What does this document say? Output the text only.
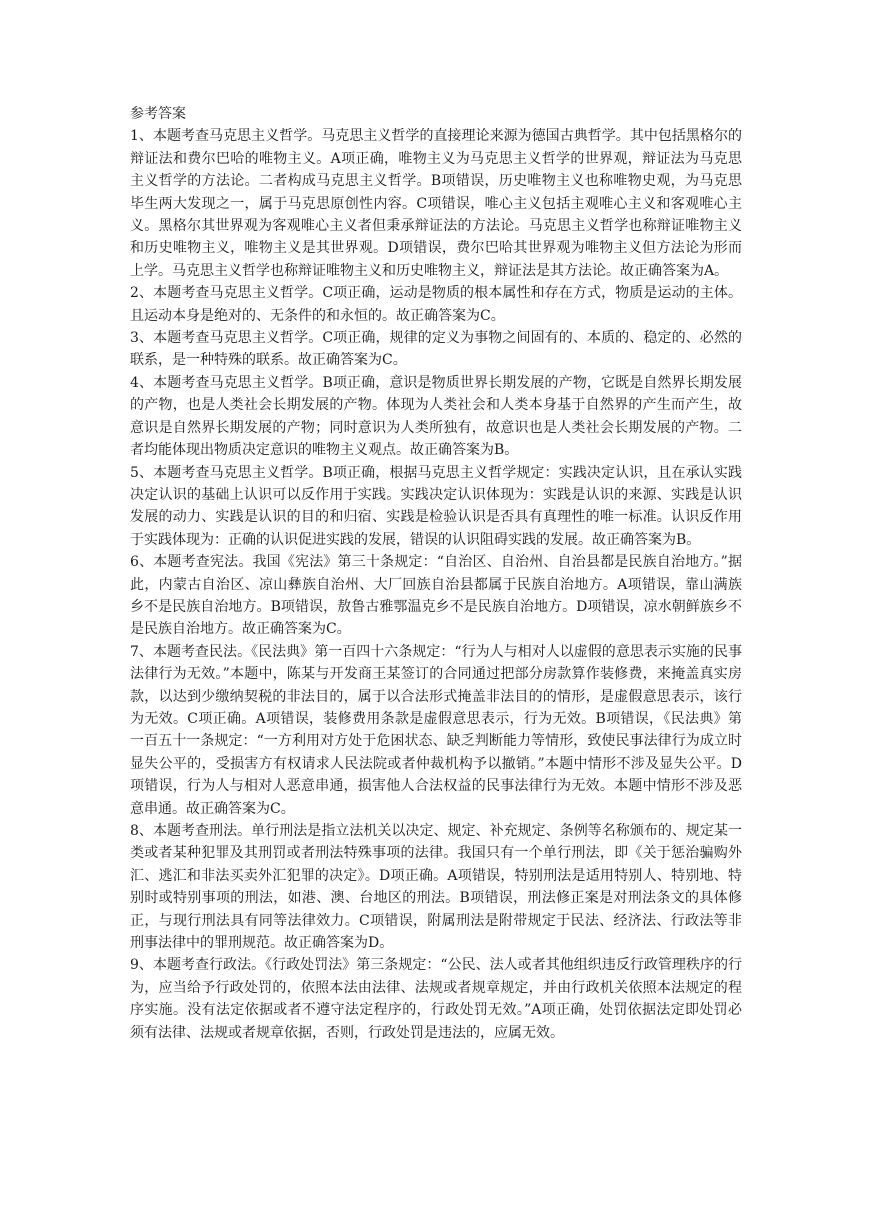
参考答案

1、本题考查马克思主义哲学。马克思主义哲学的直接理论来源为德国古典哲学。其中包括黑格尔的辩证法和费尔巴哈的唯物主义。A项正确，唯物主义为马克思主义哲学的世界观，辩证法为马克思主义哲学的方法论。二者构成马克思主义哲学。B项错误，历史唯物主义也称唯物史观，为马克思毕生两大发现之一，属于马克思原创性内容。C项错误，唯心主义包括主观唯心主义和客观唯心主义。黑格尔其世界观为客观唯心主义者但秉承辩证法的方法论。马克思主义哲学也称辩证唯物主义和历史唯物主义，唯物主义是其世界观。D项错误，费尔巴哈其世界观为唯物主义但方法论为形而上学。马克思主义哲学也称辩证唯物主义和历史唯物主义，辩证法是其方法论。故正确答案为A。

2、本题考查马克思主义哲学。C项正确，运动是物质的根本属性和存在方式，物质是运动的主体。且运动本身是绝对的、无条件的和永恒的。故正确答案为C。

3、本题考查马克思主义哲学。C项正确，规律的定义为事物之间固有的、本质的、稳定的、必然的联系，是一种特殊的联系。故正确答案为C。

4、本题考查马克思主义哲学。B项正确，意识是物质世界长期发展的产物，它既是自然界长期发展的产物，也是人类社会长期发展的产物。体现为人类社会和人类本身基于自然界的产生而产生，故意识是自然界长期发展的产物；同时意识为人类所独有，故意识也是人类社会长期发展的产物。二者均能体现出物质决定意识的唯物主义观点。故正确答案为B。

5、本题考查马克思主义哲学。B项正确，根据马克思主义哲学规定：实践决定认识，且在承认实践决定认识的基础上认识可以反作用于实践。实践决定认识体现为：实践是认识的来源、实践是认识发展的动力、实践是认识的目的和归宿、实践是检验认识是否具有真理性的唯一标准。认识反作用于实践体现为：正确的认识促进实践的发展，错误的认识阻碍实践的发展。故正确答案为B。

6、本题考查宪法。我国《宪法》第三十条规定：“自治区、自治州、自治县都是民族自治地方。”据此，内蒙古自治区、凉山彝族自治州、大厂回族自治县都属于民族自治地方。A项错误，靠山满族乡不是民族自治地方。B项错误，敖鲁古雅鄂温克乡不是民族自治地方。D项错误，凉水朝鲜族乡不是民族自治地方。故正确答案为C。

7、本题考查民法。《民法典》第一百四十六条规定：“行为人与相对人以虚假的意思表示实施的民事法律行为无效。”本题中，陈某与开发商王某签订的合同通过把部分房款算作装修费，来掩盖真实房款，以达到少缴纳契税的非法目的，属于以合法形式掩盖非法目的的情形，是虚假意思表示，该行为无效。C项正确。A项错误，装修费用条款是虚假意思表示，行为无效。B项错误，《民法典》第一百五十一条规定：“一方利用对方处于危困状态、缺乏判断能力等情形，致使民事法律行为成立时显失公平的，受损害方有权请求人民法院或者仲裁机构予以撤销。”本题中情形不涉及显失公平。D项错误，行为人与相对人恶意串通，损害他人合法权益的民事法律行为无效。本题中情形不涉及恶意串通。故正确答案为C。

8、本题考查刑法。单行刑法是指立法机关以决定、规定、补充规定、条例等名称颁布的、规定某一类或者某种犯罪及其刑罚或者刑法特殊事项的法律。我国只有一个单行刑法，即《关于惩治骗购外汇、逃汇和非法买卖外汇犯罪的决定》。D项正确。A项错误，特别刑法是适用特别人、特别地、特别时或特别事项的刑法，如港、澳、台地区的刑法。B项错误，刑法修正案是对刑法条文的具体修正，与现行刑法具有同等法律效力。C项错误，附属刑法是附带规定于民法、经济法、行政法等非刑事法律中的罪刑规范。故正确答案为D。

9、本题考查行政法。《行政处罚法》第三条规定：“公民、法人或者其他组织违反行政管理秩序的行为，应当给予行政处罚的，依照本法由法律、法规或者规章规定，并由行政机关依照本法规定的程序实施。没有法定依据或者不遵守法定程序的，行政处罚无效。”A项正确，处罚依据法定即处罚必须有法律、法规或者规章依据，否则，行政处罚是违法的，应属无效。
